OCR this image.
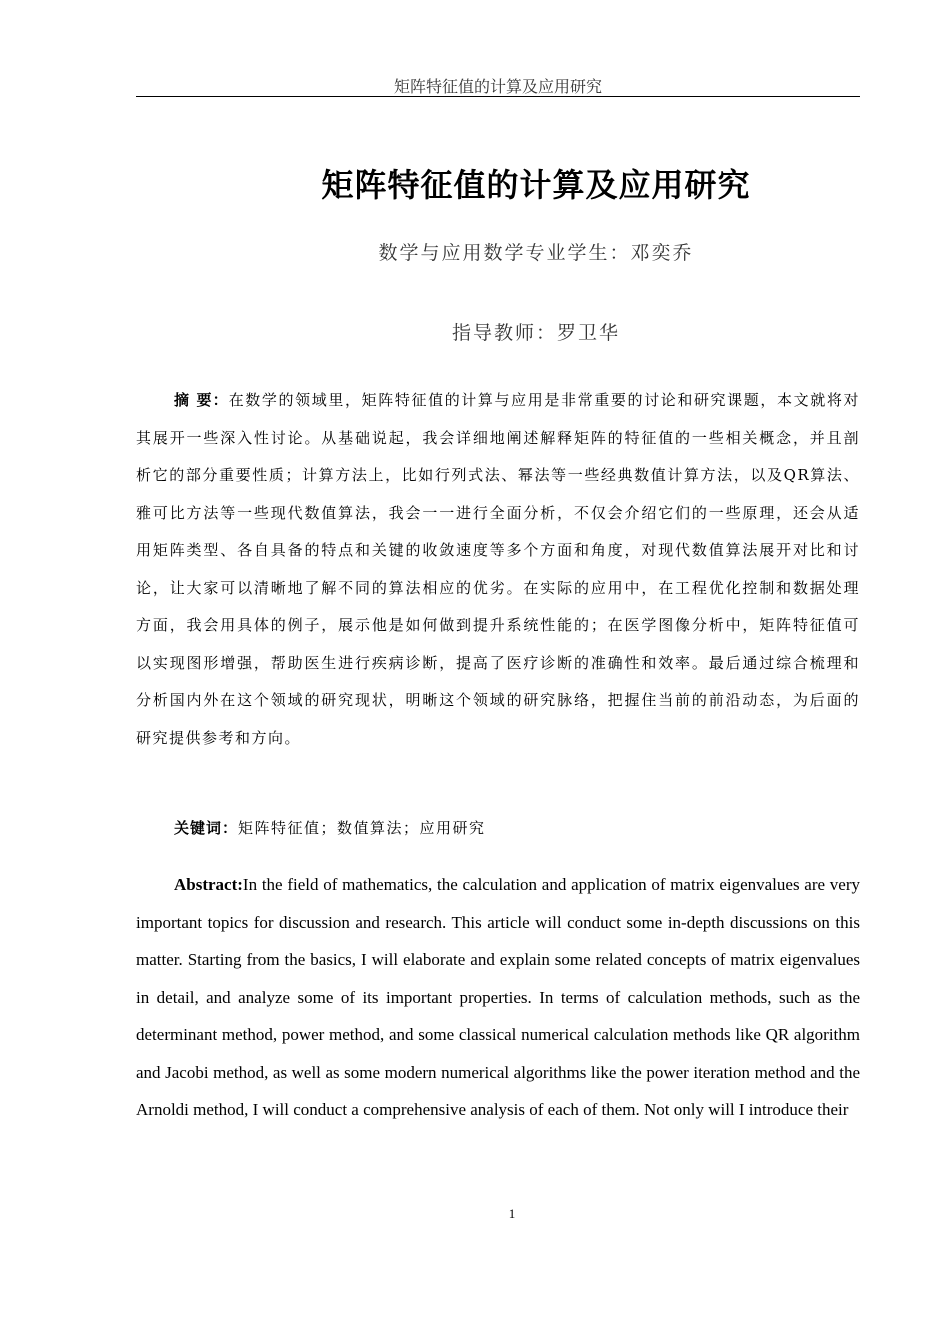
矩阵特征值的计算及应用研究
矩阵特征值的计算及应用研究
数学与应用数学专业学生：邓奕乔
指导教师：罗卫华

摘 要：在数学的领域里，矩阵特征值的计算与应用是非常重要的讨论和研究课题，本文就将对其展开一些深入性讨论。从基础说起，我会详细地阐述解释矩阵的特征值的一些相关概念，并且剖析它的部分重要性质；计算方法上，比如行列式法、幂法等一些经典数值计算方法，以及QR算法、雅可比方法等一些现代数值算法，我会一一进行全面分析，不仅会介绍它们的一些原理，还会从适用矩阵类型、各自具备的特点和关键的收敛速度等多个方面和角度，对现代数值算法展开对比和讨论，让大家可以清晰地了解不同的算法相应的优劣。在实际的应用中，在工程优化控制和数据处理方面，我会用具体的例子，展示他是如何做到提升系统性能的；在医学图像分析中，矩阵特征值可以实现图形增强，帮助医生进行疾病诊断，提高了医疗诊断的准确性和效率。最后通过综合梳理和分析国内外在这个领域的研究现状，明晰这个领域的研究脉络，把握住当前的前沿动态，为后面的研究提供参考和方向。

关键词：矩阵特征值；数值算法；应用研究

Abstract:In the field of mathematics, the calculation and application of matrix eigenvalues are very important topics for discussion and research. This article will conduct some in-depth discussions on this matter. Starting from the basics, I will elaborate and explain some related concepts of matrix eigenvalues in detail, and analyze some of its important properties. In terms of calculation methods, such as the determinant method, power method, and some classical numerical calculation methods like QR algorithm and Jacobi method, as well as some modern numerical algorithms like the power iteration method and the Arnoldi method, I will conduct a comprehensive analysis of each of them. Not only will I introduce their

1
